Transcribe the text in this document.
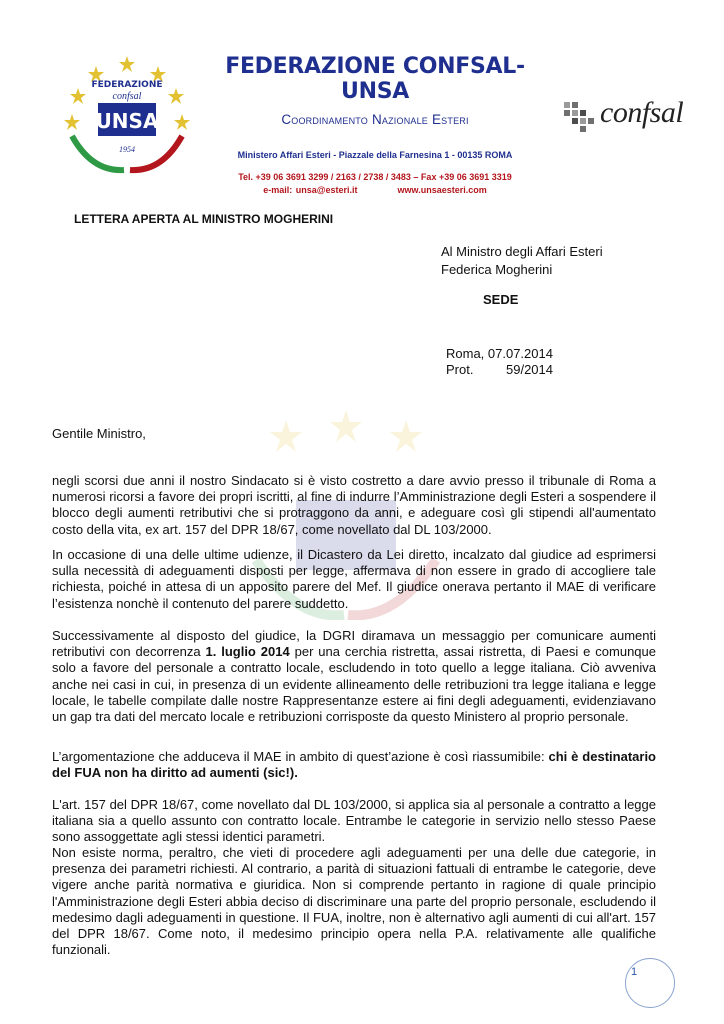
FEDERAZIONE
confsal
UNSA
1954
FEDERAZIONE CONFSAL-UNSA
Coordinamento Nazionale Esteri
Ministero Affari Esteri - Piazzale della Farnesina 1 - 00135 ROMA
Tel. +39 06 3691 3299 / 2163 / 2738 / 3483 – Fax +39 06 3691 3319
e-mail: unsa@esteri.it	www.unsaesteri.com
confsal
LETTERA APERTA AL MINISTRO MOGHERINI
Al Ministro degli Affari Esteri
Federica Mogherini
SEDE
Roma, 07.07.2014
Prot.	59/2014
Gentile Ministro,

negli scorsi due anni il nostro Sindacato si è visto costretto a dare avvio presso il tribunale di Roma a numerosi ricorsi a favore dei propri iscritti, al fine di indurre l’Amministrazione degli Esteri a sospendere il blocco degli aumenti retributivi che si protraggono da anni, e adeguare così gli stipendi all'aumentato costo della vita, ex art. 157 del DPR 18/67, come novellato dal DL 103/2000.

In occasione di una delle ultime udienze, il Dicastero da Lei diretto, incalzato dal giudice ad esprimersi sulla necessità di adeguamenti disposti per legge, affermava di non essere in grado di accogliere tale richiesta, poiché in attesa di un apposito parere del Mef. Il giudice onerava pertanto il MAE di verificare l’esistenza nonchè il contenuto del parere suddetto.

Successivamente al disposto del giudice, la DGRI diramava un messaggio per comunicare aumenti retributivi con decorrenza 1. luglio 2014 per una cerchia ristretta, assai ristretta, di Paesi e comunque solo a favore del personale a contratto locale, escludendo in toto quello a legge italiana. Ciò avveniva anche nei casi in cui, in presenza di un evidente allineamento delle retribuzioni tra legge italiana e legge locale, le tabelle compilate dalle nostre Rappresentanze estere ai fini degli adeguamenti, evidenziavano un gap tra dati del mercato locale e retribuzioni corrisposte da questo Ministero al proprio personale.

L’argomentazione che adduceva il MAE in ambito di quest’azione è così riassumibile: chi è destinatario del FUA non ha diritto ad aumenti (sic!).

L'art. 157 del DPR 18/67, come novellato dal DL 103/2000, si applica sia al personale a contratto a legge italiana sia a quello assunto con contratto locale. Entrambe le categorie in servizio nello stesso Paese sono assoggettate agli stessi identici parametri.

Non esiste norma, peraltro, che vieti di procedere agli adeguamenti per una delle due categorie, in presenza dei parametri richiesti. Al contrario, a parità di situazioni fattuali di entrambe le categorie, deve vigere anche parità normativa e giuridica. Non si comprende pertanto in ragione di quale principio l'Amministrazione degli Esteri abbia deciso di discriminare una parte del proprio personale, escludendo il medesimo dagli adeguamenti in questione. Il FUA, inoltre, non è alternativo agli aumenti di cui all'art. 157 del DPR 18/67. Come noto, il medesimo principio opera nella P.A. relativamente alle qualifiche funzionali.

1
